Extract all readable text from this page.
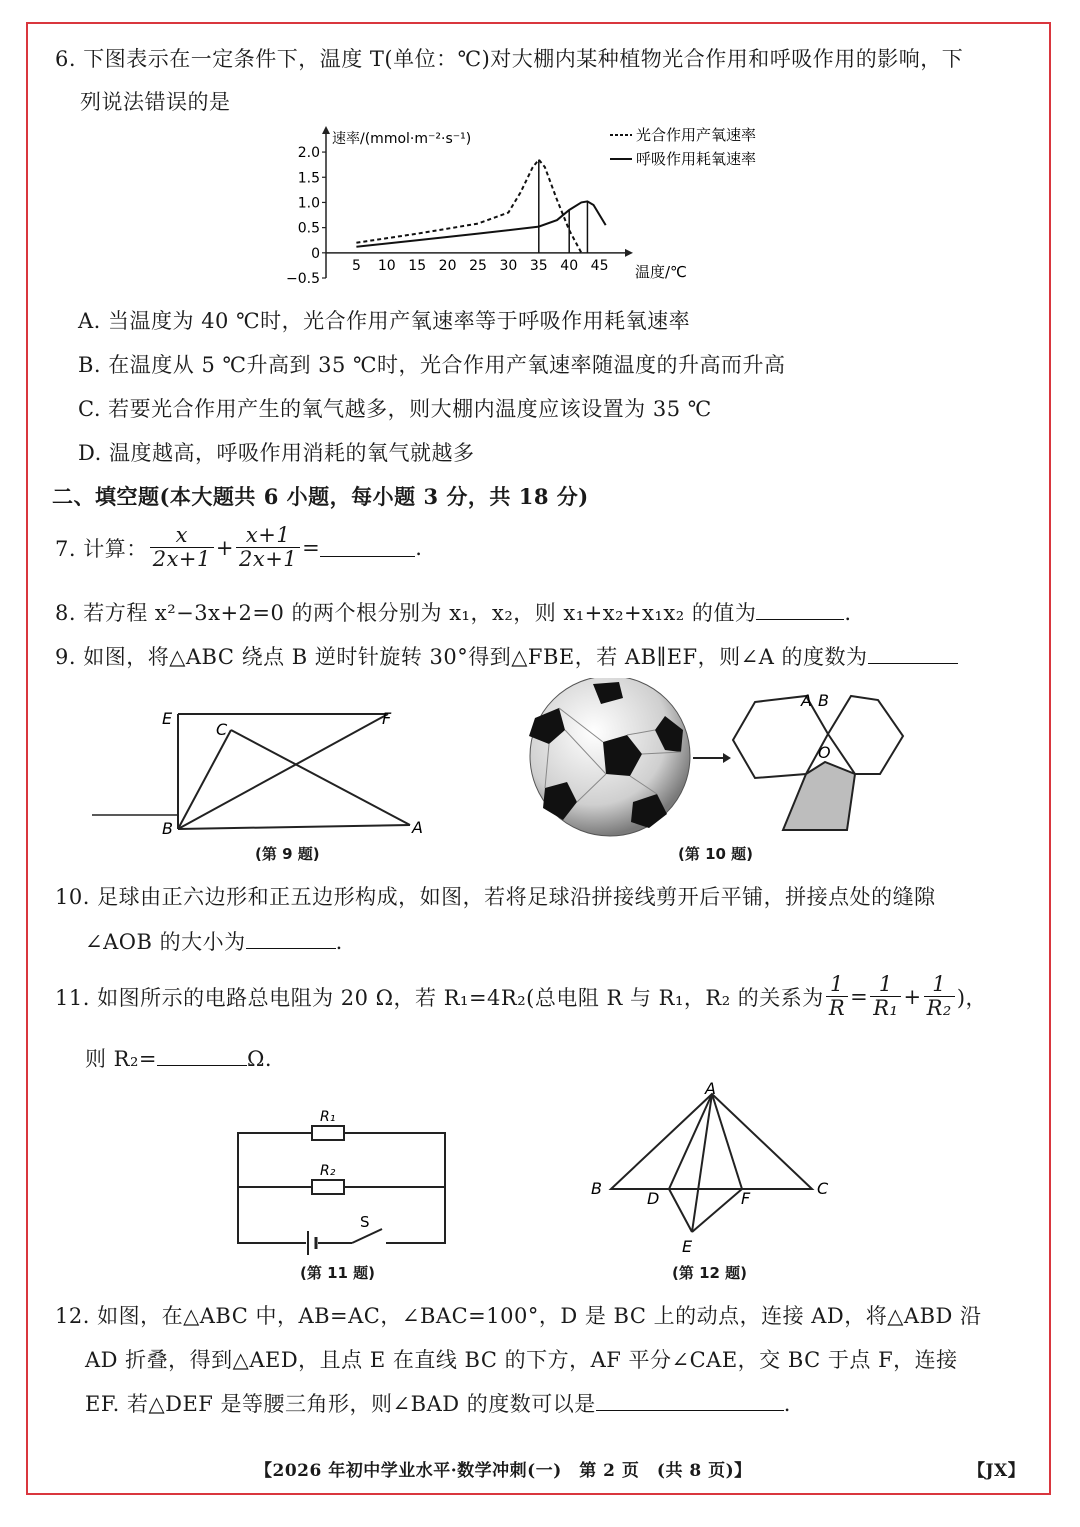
6. 下图表示在一定条件下，温度 T(单位：℃)对大棚内某种植物光合作用和呼吸作用的影响，下
列说法错误的是
速率/(mmol·m⁻²·s⁻¹)
2.0
1.5
1.0
0.5
0
−0.5
5 10 15 20 25 30 35 40 45
光合作用产氧速率
呼吸作用耗氧速率
温度/℃
A. 当温度为 40 ℃时，光合作用产氧速率等于呼吸作用耗氧速率
B. 在温度从 5 ℃升高到 35 ℃时，光合作用产氧速率随温度的升高而升高
C. 若要光合作用产生的氧气越多，则大棚内温度应该设置为 35 ℃
D. 温度越高，呼吸作用消耗的氧气就越多
二、填空题(本大题共 6 小题，每小题 3 分，共 18 分)
7. 计算： $\frac{x}{2x+1} + \frac{x+1}{2x+1}$ =	.
8. 若方程 x²−3x+2=0 的两个根分别为 x₁，x₂，则 x₁+x₂+x₁x₂ 的值为	.
9. 如图，将△ABC 绕点 B 逆时针旋转 30°得到△FBE，若 AB∥EF，则∠A 的度数为
E
C
F
B	A
(第 9 题)
A B
O
(第 10 题)
10. 足球由正六边形和正五边形构成，如图，若将足球沿拼接线剪开后平铺，拼接点处的缝隙
∠AOB 的大小为	.
11. 如图所示的电路总电阻为 20 Ω，若 R₁=4R₂(总电阻 R 与 R₁，R₂ 的关系为 $\frac{1}{R} = \frac{1}{\text{R₁}} + \frac{1}{\text{R₂}}$ )，
则 R₂=	Ω.
R₁
R₂
S
(第 11 题)
A
B
D	F
C
E
(第 12 题)
12. 如图，在△ABC 中，AB=AC，∠BAC=100°，D 是 BC 上的动点，连接 AD，将△ABD 沿
AD 折叠，得到△AED，且点 E 在直线 BC 的下方，AF 平分∠CAE，交 BC 于点 F，连接
EF. 若△DEF 是等腰三角形，则∠BAD 的度数可以是	.
【2026 年初中学业水平·数学冲刺(一)　第 2 页　(共 8 页)】	【JX】
